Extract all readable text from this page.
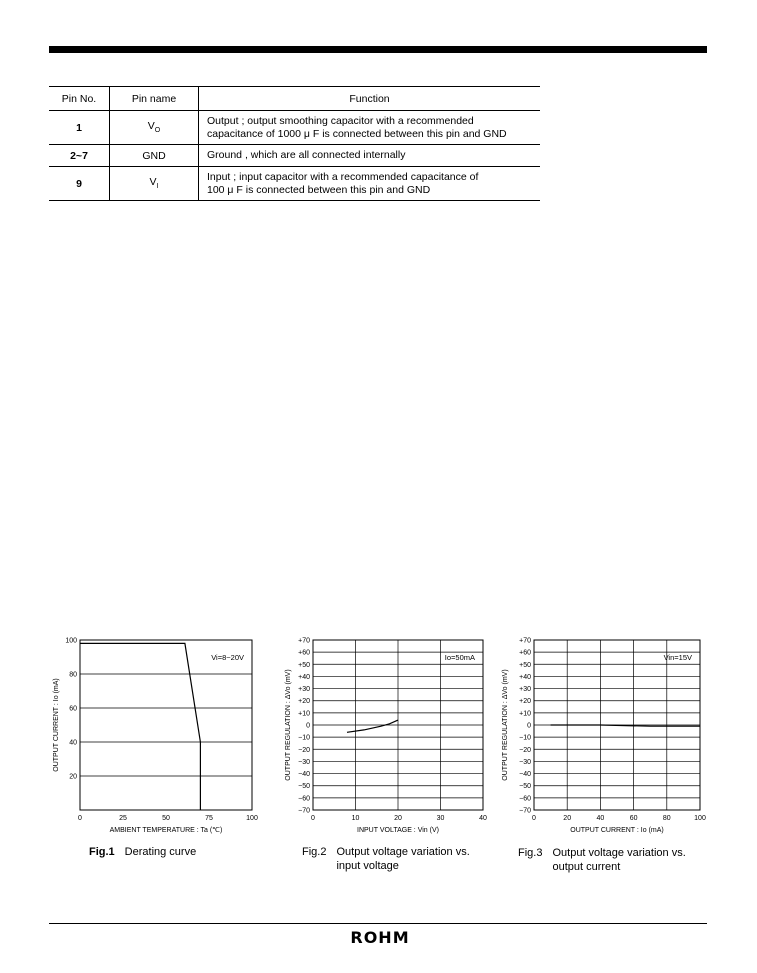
Pin No.	Pin name	Function
1	$V_O$	Output ; output smoothing capacitor with a recommended
capacitance of 1000 μ F is connected between this pin and GND

2~7	GND	Ground , which are all connected internally

9	$V_I$	Input ; input capacitor with a recommended capacitance of
100 μ F is connected between this pin and GND
20
40
60
80
100
0	25	50	75	100
Vi=8~20V
AMBIENT TEMPERATURE : Ta (℃)
OUTPUT CURRENT : Io (mA)
−70
−60
−50
−40
−30
−20
−10
0
+10
+20
+30
+40
+50
+60
+70
0	10	20	30	40
Io=50mA
INPUT VOLTAGE : Vin (V)
OUTPUT REGULATION : ΔVo (mV)
−70
−60
−50
−40
−30
−20
−10
0
+10
+20
+30
+40
+50
+60
+70
0	20	40	60	80	100
Vin=15V
OUTPUT CURRENT : Io (mA)
OUTPUT REGULATION : ΔVo (mV)
Fig.1 Derating curve	Fig.2 Output voltage variation vs.
input voltage
Fig.3 Output voltage variation vs.
output current
ROHM
